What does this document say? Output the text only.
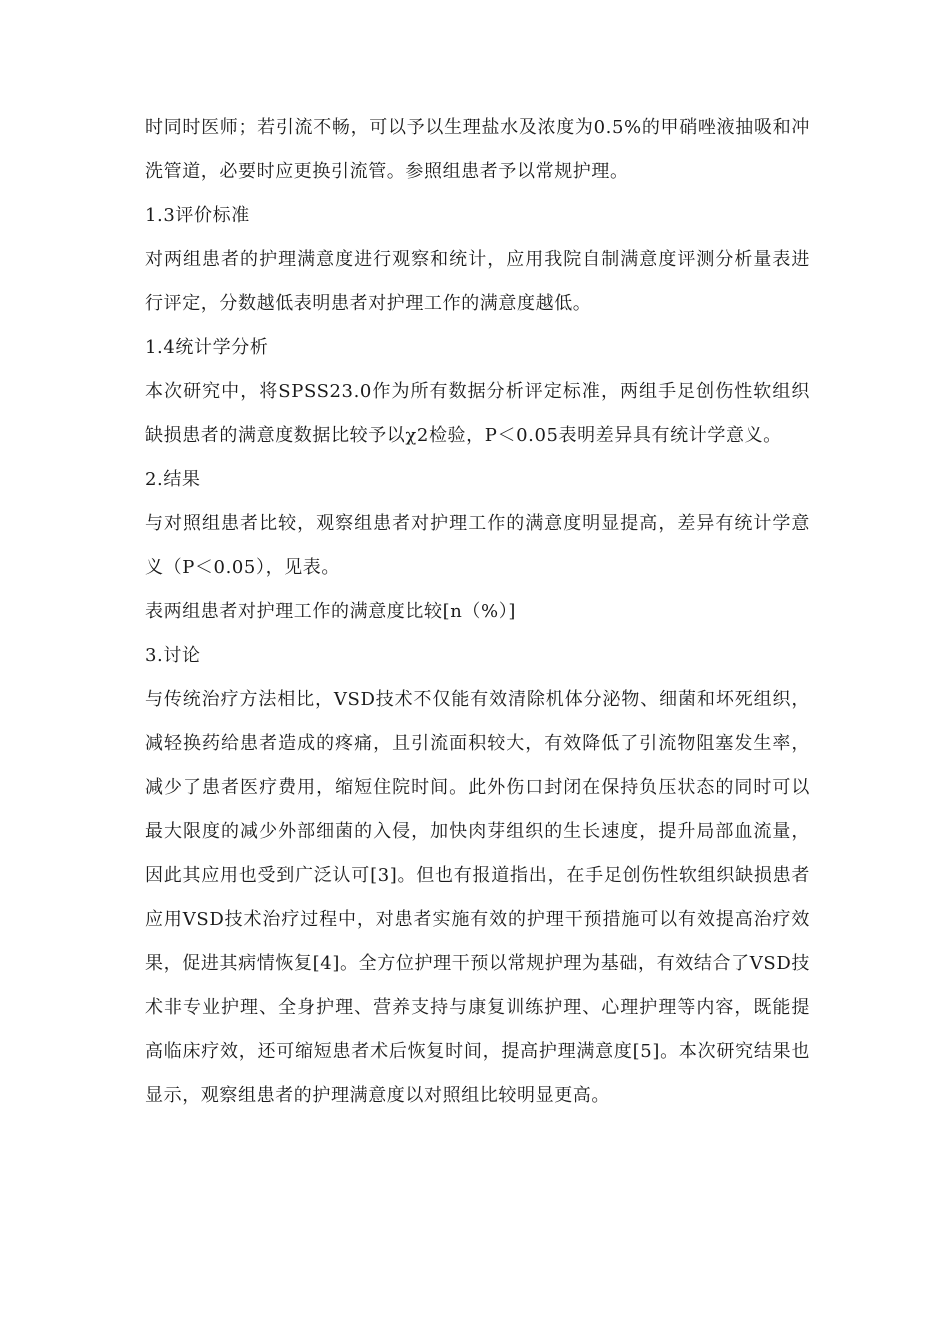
时同时医师；若引流不畅，可以予以生理盐水及浓度为0.5%的甲硝唑液抽吸和冲洗管道，必要时应更换引流管。参照组患者予以常规护理。

1.3评价标准

对两组患者的护理满意度进行观察和统计，应用我院自制满意度评测分析量表进行评定，分数越低表明患者对护理工作的满意度越低。

1.4统计学分析

本次研究中，将SPSS23.0作为所有数据分析评定标准，两组手足创伤性软组织缺损患者的满意度数据比较予以χ2检验，P＜0.05表明差异具有统计学意义。

2.结果

与对照组患者比较，观察组患者对护理工作的满意度明显提高，差异有统计学意义（P＜0.05），见表。

表两组患者对护理工作的满意度比较[n（%）]

3.讨论

与传统治疗方法相比，VSD技术不仅能有效清除机体分泌物、细菌和坏死组织，减轻换药给患者造成的疼痛，且引流面积较大，有效降低了引流物阻塞发生率，减少了患者医疗费用，缩短住院时间。此外伤口封闭在保持负压状态的同时可以最大限度的减少外部细菌的入侵，加快肉芽组织的生长速度，提升局部血流量，因此其应用也受到广泛认可[3]。但也有报道指出，在手足创伤性软组织缺损患者应用VSD技术治疗过程中，对患者实施有效的护理干预措施可以有效提高治疗效果，促进其病情恢复[4]。全方位护理干预以常规护理为基础，有效结合了VSD技术非专业护理、全身护理、营养支持与康复训练护理、心理护理等内容，既能提高临床疗效，还可缩短患者术后恢复时间，提高护理满意度[5]。本次研究结果也显示，观察组患者的护理满意度以对照组比较明显更高。
